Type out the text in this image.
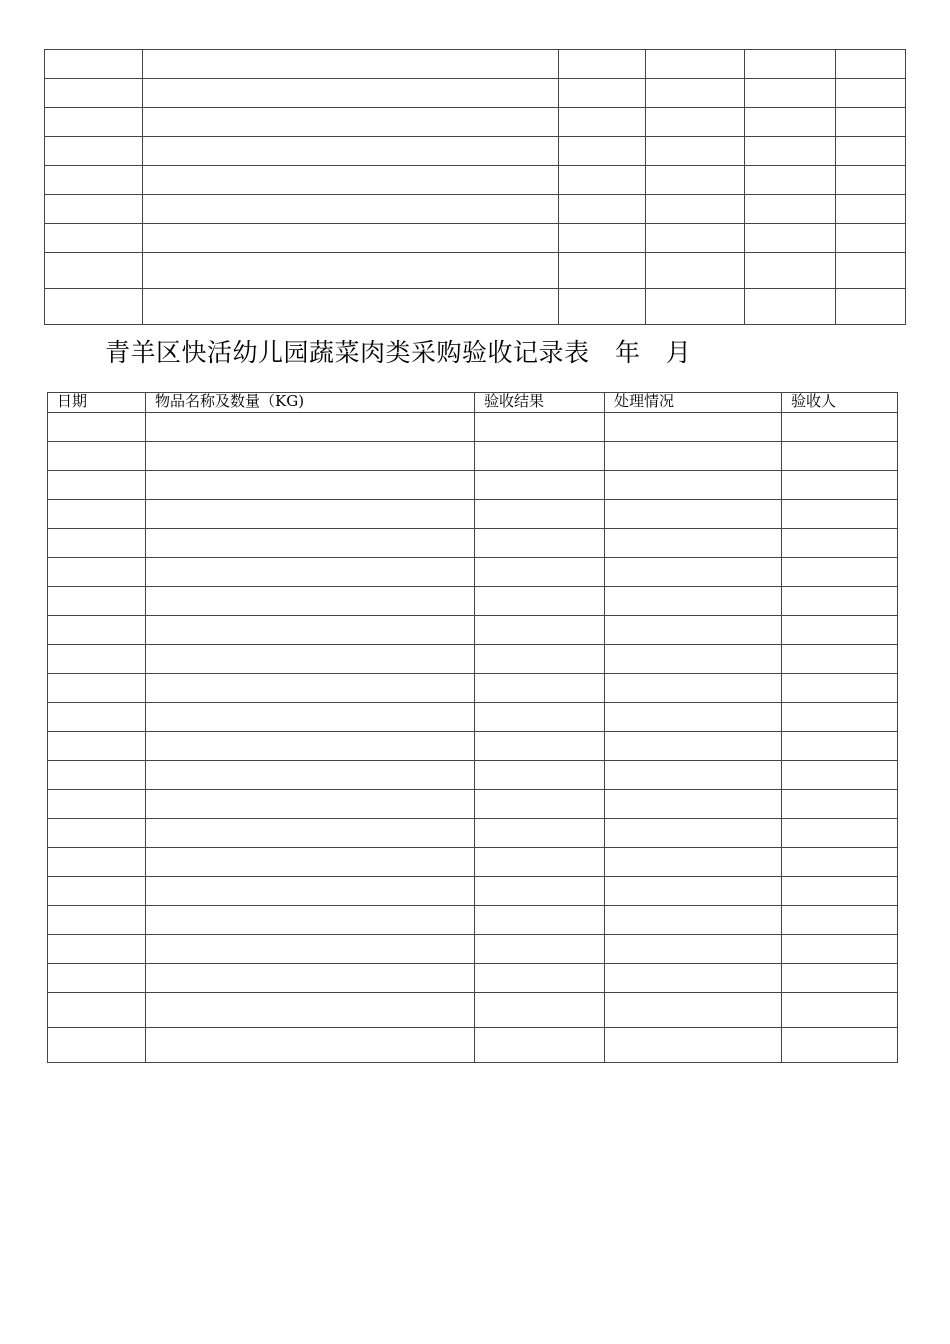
青羊区快活幼儿园蔬菜肉类采购验收记录表　年　月
日期	物品名称及数量（KG)	验收结果	处理情况	验收人
